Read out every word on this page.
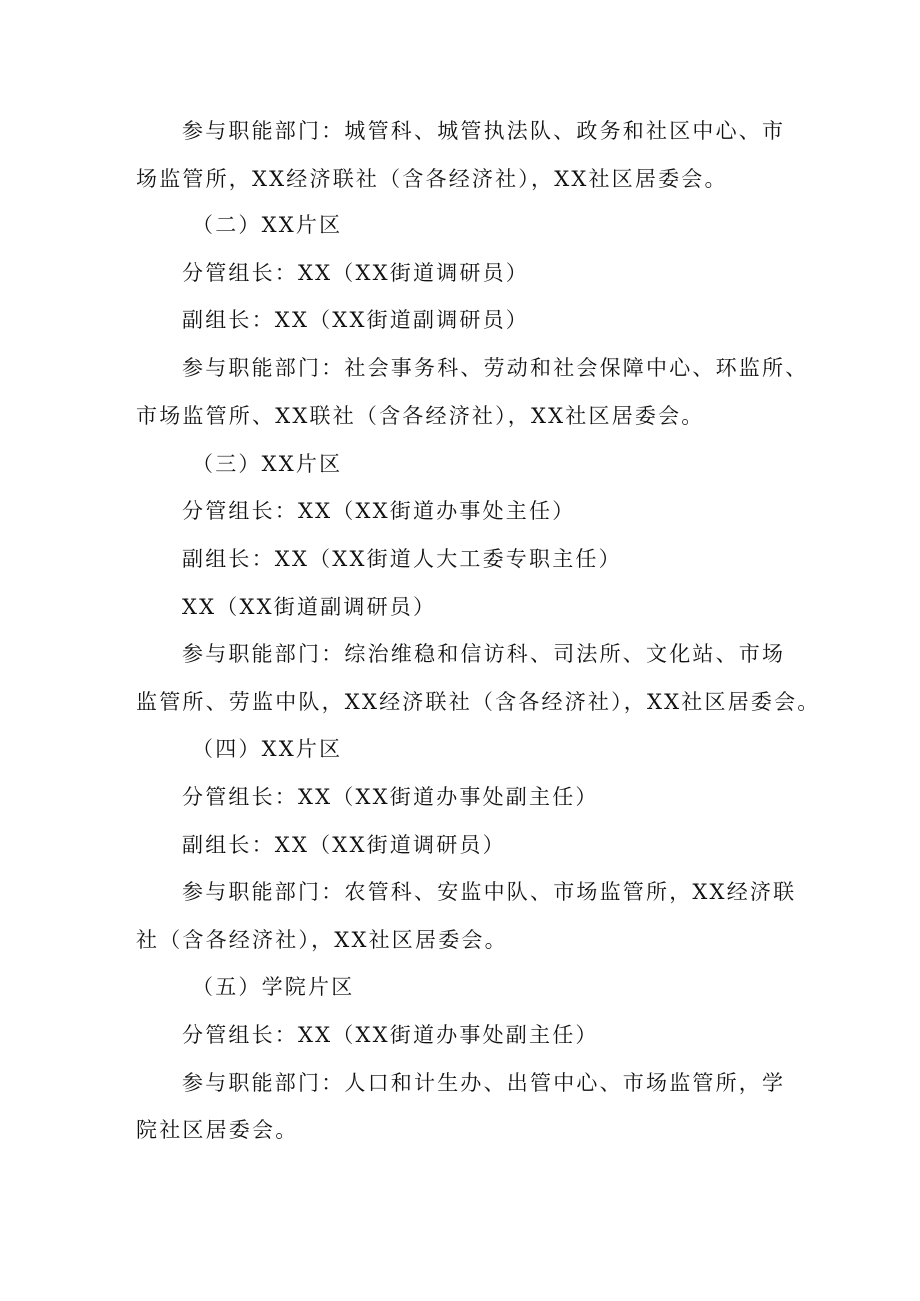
参与职能部门：城管科、城管执法队、政务和社区中心、市
场监管所，XX经济联社（含各经济社），XX社区居委会。
（二）XX片区
分管组长：XX（XX街道调研员）
副组长：XX（XX街道副调研员）
参与职能部门：社会事务科、劳动和社会保障中心、环监所、
市场监管所、XX联社（含各经济社），XX社区居委会。
（三）XX片区
分管组长：XX（XX街道办事处主任）
副组长：XX（XX街道人大工委专职主任）
XX（XX街道副调研员）
参与职能部门：综治维稳和信访科、司法所、文化站、市场
监管所、劳监中队，XX经济联社（含各经济社），XX社区居委会。
（四）XX片区
分管组长：XX（XX街道办事处副主任）
副组长：XX（XX街道调研员）
参与职能部门：农管科、安监中队、市场监管所，XX经济联
社（含各经济社），XX社区居委会。
（五）学院片区
分管组长：XX（XX街道办事处副主任）
参与职能部门：人口和计生办、出管中心、市场监管所，学
院社区居委会。
